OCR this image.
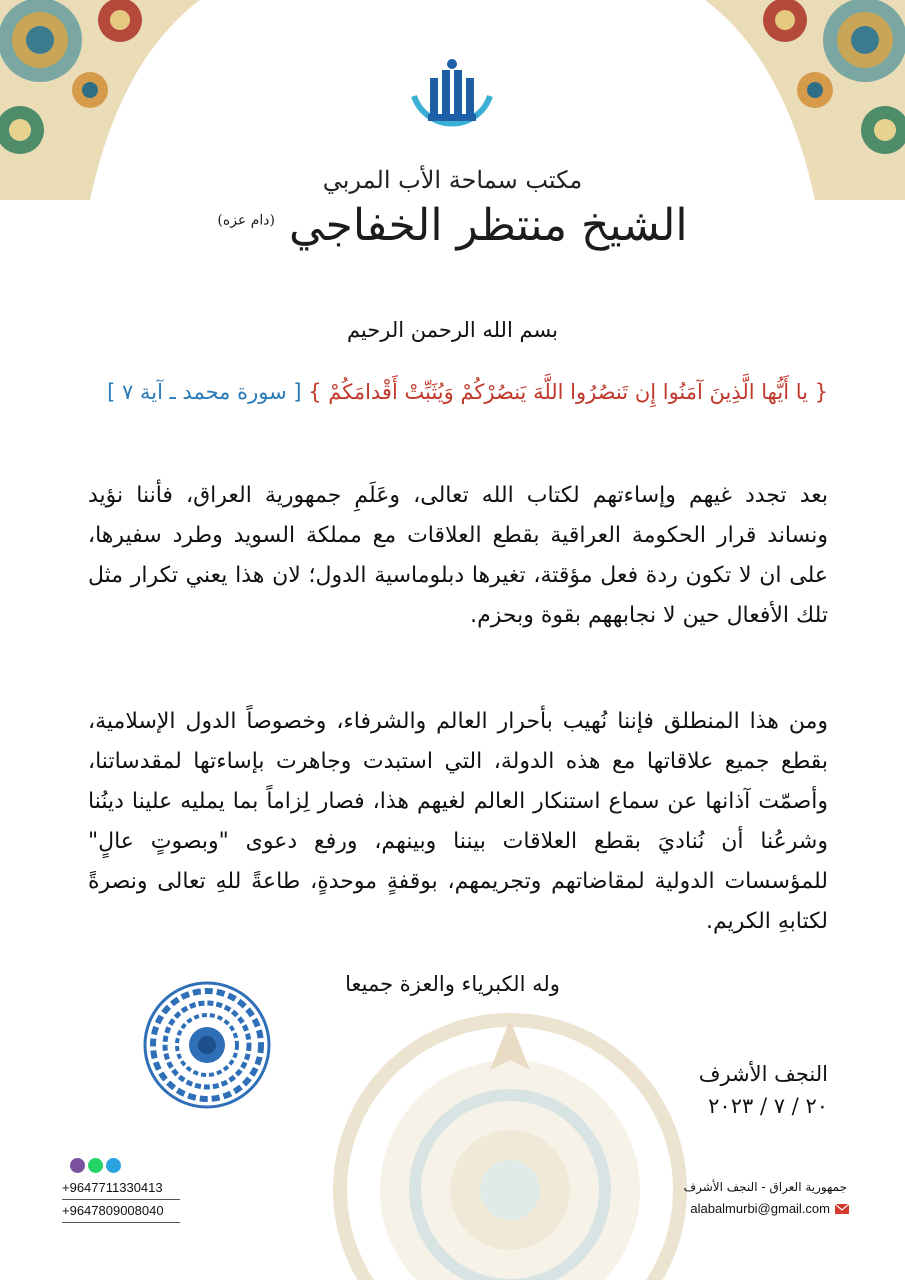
مكتب سماحة الأب المربي
الشيخ منتظر الخفاجي $^{(دام عزه)}$
بسم الله الرحمن الرحيم
{ يا أَيُّها الَّذِينَ آمَنُوا إِن تَنصُرُوا اللَّهَ يَنصُرْكُمْ وَيُثَبِّتْ أَقْدامَكُمْ } [ سورة محمد ـ آية ٧ ]
بعد تجدد غيهم وإساءتهم لكتاب الله تعالى، وعَلَمِ جمهورية العراق، فأننا نؤيد ونساند قرار الحكومة العراقية بقطع العلاقات مع مملكة السويد وطرد سفيرها، على ان لا تكون ردة فعل مؤقتة، تغيرها دبلوماسية الدول؛ لان هذا يعني تكرار مثل تلك الأفعال حين لا نجابههم بقوة وبحزم.
ومن هذا المنطلق فإننا نُهيب بأحرار العالم والشرفاء، وخصوصاً الدول الإسلامية، بقطع جميع علاقاتها مع هذه الدولة، التي استبدت وجاهرت بإساءتها لمقدساتنا، وأصمّت آذانها عن سماع استنكار العالم لغيهم هذا، فصار لِزاماً بما يمليه علينا دينُنا وشرعُنا أن نُناديَ بقطع العلاقات بيننا وبينهم، ورفع دعوى "وبصوتٍ عالٍ" للمؤسسات الدولية لمقاضاتهم وتجريمهم، بوقفةٍ موحدةٍ، طاعةً للهِ تعالى ونصرةً لكتابهِ الكريم.
وله الكبرياء والعزة جميعا
النجف الأشرف
٢٠ / ٧ / ٢٠٢٣
+9647711330413
+9647809008040
جمهورية العراق - النجف الأشرف
alabalmurbi@gmail.com
